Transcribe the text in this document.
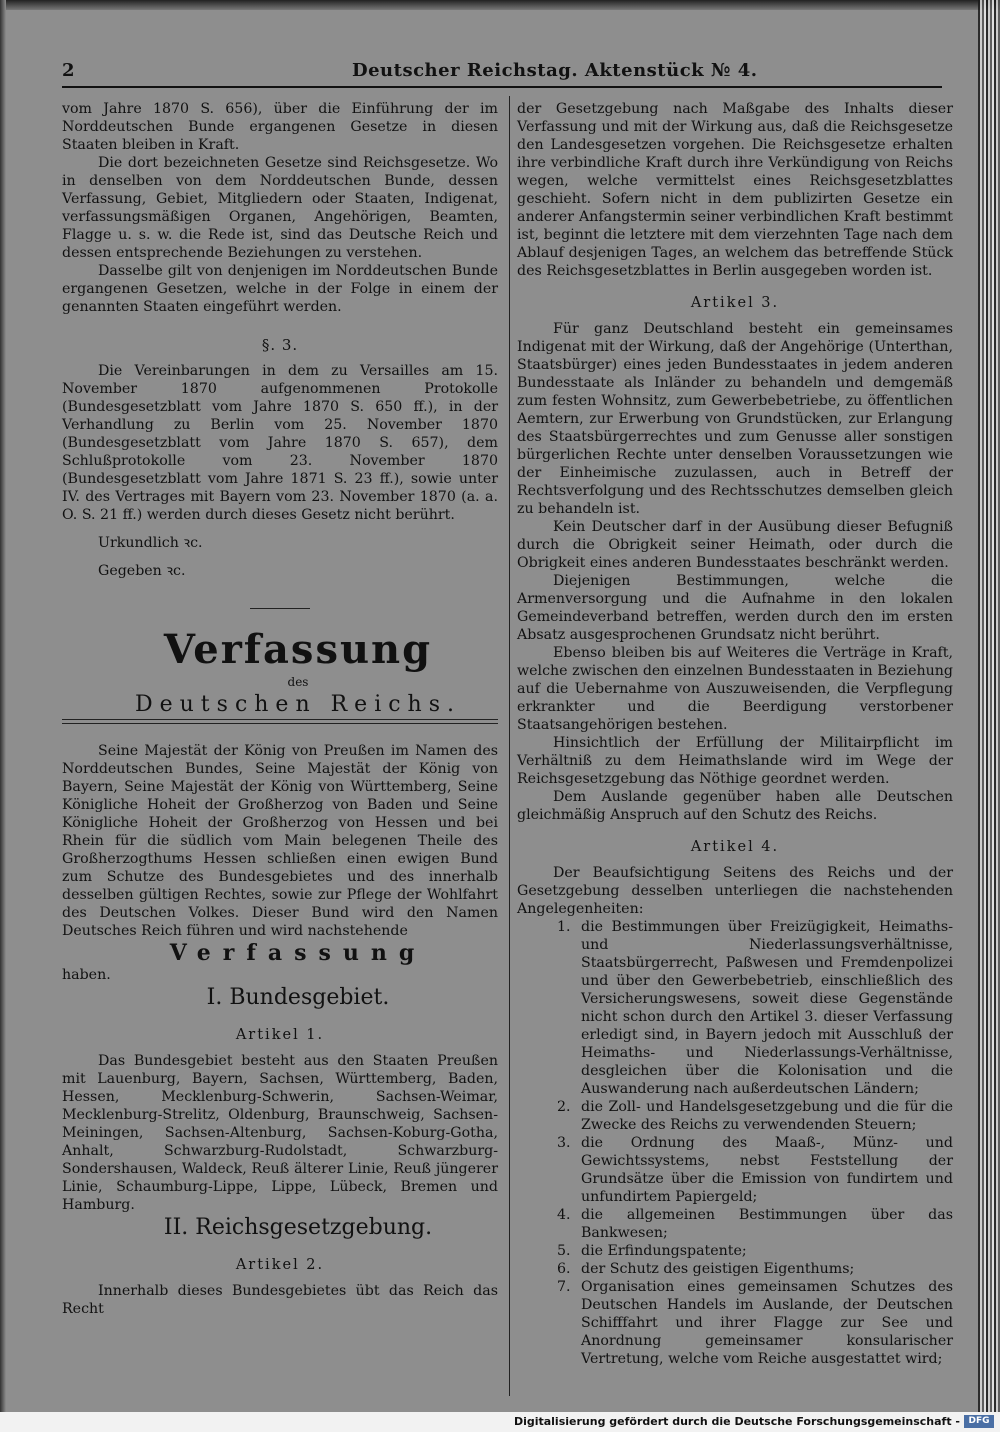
2	Deutscher Reichstag. Aktenstück № 4.

vom Jahre 1870 S. 656), über die Einführung der im Norddeutschen Bunde ergangenen Gesetze in diesen Staaten bleiben in Kraft.

Die dort bezeichneten Gesetze sind Reichsgesetze. Wo in denselben von dem Norddeutschen Bunde, dessen Verfassung, Gebiet, Mitgliedern oder Staaten, Indigenat, verfassungsmäßigen Organen, Angehörigen, Beamten, Flagge u. s. w. die Rede ist, sind das Deutsche Reich und dessen entsprechende Beziehungen zu verstehen.

Dasselbe gilt von denjenigen im Norddeutschen Bunde ergangenen Gesetzen, welche in der Folge in einem der genannten Staaten eingeführt werden.

§. 3.

Die Vereinbarungen in dem zu Versailles am 15. November 1870 aufgenommenen Protokolle (Bundesgesetzblatt vom Jahre 1870 S. 650 ff.), in der Verhandlung zu Berlin vom 25. November 1870 (Bundesgesetzblatt vom Jahre 1870 S. 657), dem Schlußprotokolle vom 23. November 1870 (Bundesgesetzblatt vom Jahre 1871 S. 23 ff.), sowie unter IV. des Vertrages mit Bayern vom 23. November 1870 (a. a. O. S. 21 ff.) werden durch dieses Gesetz nicht berührt.

Urkundlich ꝛc.

Gegeben ꝛc.

Verfassung

des

Deutschen Reichs.

Seine Majestät der König von Preußen im Namen des Norddeutschen Bundes, Seine Majestät der König von Bayern, Seine Majestät der König von Württemberg, Seine Königliche Hoheit der Großherzog von Baden und Seine Königliche Hoheit der Großherzog von Hessen und bei Rhein für die südlich vom Main belegenen Theile des Großherzogthums Hessen schließen einen ewigen Bund zum Schutze des Bundesgebietes und des innerhalb desselben gültigen Rechtes, sowie zur Pflege der Wohlfahrt des Deutschen Volkes. Dieser Bund wird den Namen Deutsches Reich führen und wird nachstehende

Verfassung

haben.

I. Bundesgebiet.

Artikel 1.

Das Bundesgebiet besteht aus den Staaten Preußen mit Lauenburg, Bayern, Sachsen, Württemberg, Baden, Hessen, Mecklenburg-Schwerin, Sachsen-Weimar, Mecklenburg-Strelitz, Oldenburg, Braunschweig, Sachsen-Meiningen, Sachsen-Altenburg, Sachsen-Koburg-Gotha, Anhalt, Schwarzburg-Rudolstadt, Schwarzburg-Sondershausen, Waldeck, Reuß älterer Linie, Reuß jüngerer Linie, Schaumburg-Lippe, Lippe, Lübeck, Bremen und Hamburg.

II. Reichsgesetzgebung.

Artikel 2.

Innerhalb dieses Bundesgebietes übt das Reich das Recht

der Gesetzgebung nach Maßgabe des Inhalts dieser Verfassung und mit der Wirkung aus, daß die Reichsgesetze den Landesgesetzen vorgehen. Die Reichsgesetze erhalten ihre verbindliche Kraft durch ihre Verkündigung von Reichs wegen, welche vermittelst eines Reichsgesetzblattes geschieht. Sofern nicht in dem publizirten Gesetze ein anderer Anfangstermin seiner verbindlichen Kraft bestimmt ist, beginnt die letztere mit dem vierzehnten Tage nach dem Ablauf desjenigen Tages, an welchem das betreffende Stück des Reichsgesetzblattes in Berlin ausgegeben worden ist.

Artikel 3.

Für ganz Deutschland besteht ein gemeinsames Indigenat mit der Wirkung, daß der Angehörige (Unterthan, Staatsbürger) eines jeden Bundesstaates in jedem anderen Bundesstaate als Inländer zu behandeln und demgemäß zum festen Wohnsitz, zum Gewerbebetriebe, zu öffentlichen Aemtern, zur Erwerbung von Grundstücken, zur Erlangung des Staatsbürgerrechtes und zum Genusse aller sonstigen bürgerlichen Rechte unter denselben Voraussetzungen wie der Einheimische zuzulassen, auch in Betreff der Rechtsverfolgung und des Rechtsschutzes demselben gleich zu behandeln ist.

Kein Deutscher darf in der Ausübung dieser Befugniß durch die Obrigkeit seiner Heimath, oder durch die Obrigkeit eines anderen Bundesstaates beschränkt werden.

Diejenigen Bestimmungen, welche die Armenversorgung und die Aufnahme in den lokalen Gemeindeverband betreffen, werden durch den im ersten Absatz ausgesprochenen Grundsatz nicht berührt.

Ebenso bleiben bis auf Weiteres die Verträge in Kraft, welche zwischen den einzelnen Bundesstaaten in Beziehung auf die Uebernahme von Auszuweisenden, die Verpflegung erkrankter und die Beerdigung verstorbener Staatsangehörigen bestehen.

Hinsichtlich der Erfüllung der Militairpflicht im Verhältniß zu dem Heimathslande wird im Wege der Reichsgesetzgebung das Nöthige geordnet werden.

Dem Auslande gegenüber haben alle Deutschen gleichmäßig Anspruch auf den Schutz des Reichs.

Artikel 4.

Der Beaufsichtigung Seitens des Reichs und der Gesetzgebung desselben unterliegen die nachstehenden Angelegenheiten:

1. die Bestimmungen über Freizügigkeit, Heimaths- und Niederlassungsverhältnisse, Staatsbürgerrecht, Paßwesen und Fremdenpolizei und über den Gewerbebetrieb, einschließlich des Versicherungswesens, soweit diese Gegenstände nicht schon durch den Artikel 3. dieser Verfassung erledigt sind, in Bayern jedoch mit Ausschluß der Heimaths- und Niederlassungs-Verhältnisse, desgleichen über die Kolonisation und die Auswanderung nach außerdeutschen Ländern;
2. die Zoll- und Handelsgesetzgebung und die für die Zwecke des Reichs zu verwendenden Steuern;
3. die Ordnung des Maaß-, Münz- und Gewichtssystems, nebst Feststellung der Grundsätze über die Emission von fundirtem und unfundirtem Papiergeld;
4. die allgemeinen Bestimmungen über das Bankwesen;
5. die Erfindungspatente;
6. der Schutz des geistigen Eigenthums;
7. Organisation eines gemeinsamen Schutzes des Deutschen Handels im Auslande, der Deutschen Schifffahrt und ihrer Flagge zur See und Anordnung gemeinsamer konsularischer Vertretung, welche vom Reiche ausgestattet wird;
Digitalisierung gefördert durch die Deutsche Forschungsgemeinschaft - DFG
